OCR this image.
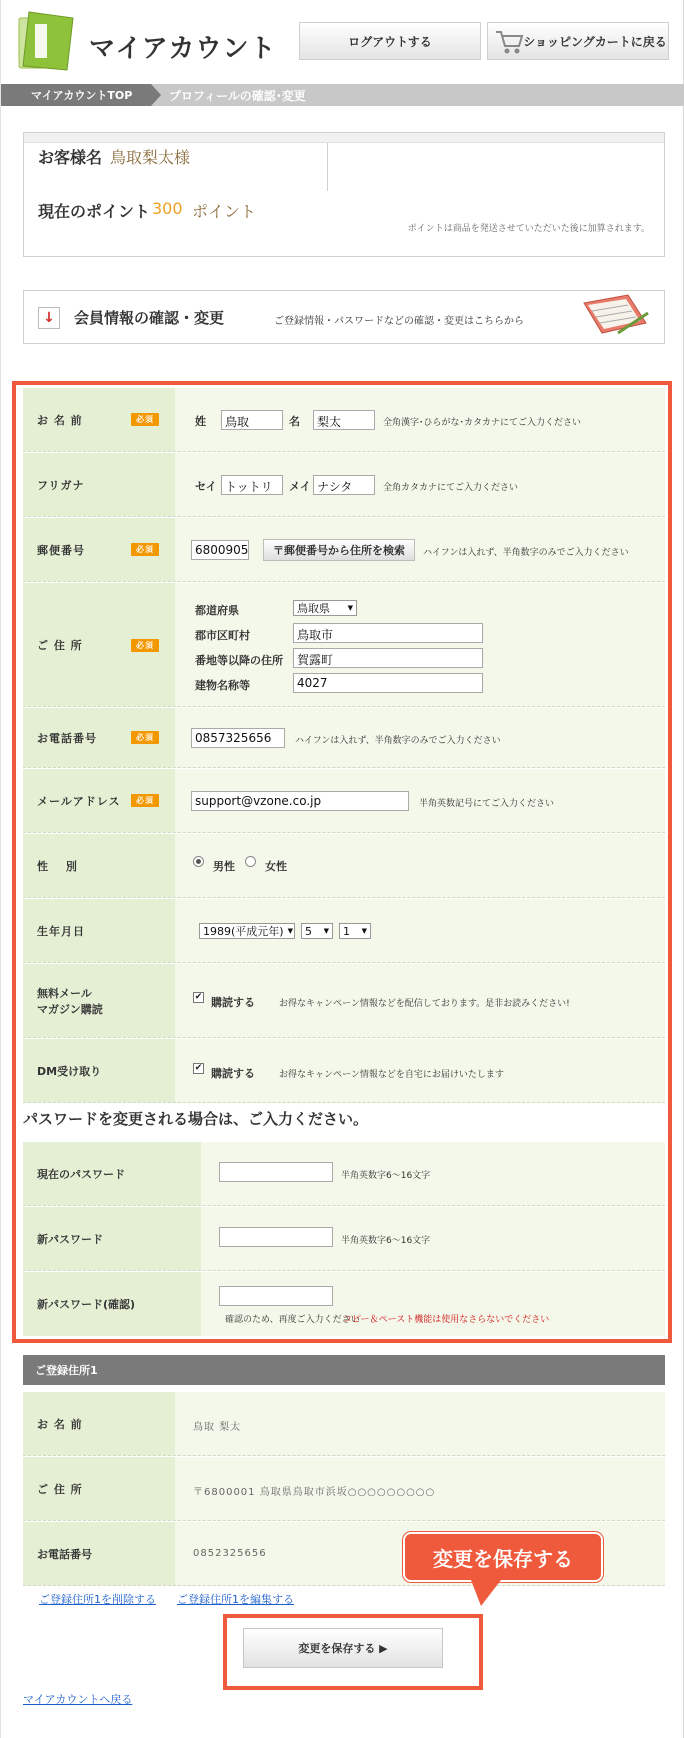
マイアカウント	ログアウトする	ショッピングカートに戻る
マイアカウントTOP	プロフィールの確認･変更
お客様名 鳥取梨太様
現在のポイント 300 ポイント
ポイントは商品を発送させていただいた後に加算されます。
↓	会員情報の確認・変更	ご登録情報・パスワードなどの確認・変更はこちらから
お 名 前	必須	姓	鳥取	名	梨太	全角漢字･ひらがな･カタカナにてご入力ください
フリガナ	セイ トットリ	メイ ナシタ	全角カタカナにてご入力ください
郵便番号	必須	6800905	〒郵便番号から住所を検索	ハイフンは入れず、半角数字のみでご入力ください
ご 住 所	必須
都道府県	鳥取県	▼
郡市区町村	鳥取市
番地等以降の住所	賀露町
建物名称等	4027
お電話番号	必須	0857325656	ハイフンは入れず、半角数字のみでご入力ください
メールアドレス	必須	support@vzone.co.jp	半角英数記号にてご入力ください
性　 別	男性	女性
生年月日	1989(平成元年) ▼ 5 ▼ 1 ▼
無料メール
マガジン購読
✔ 購読する	お得なキャンペーン情報などを配信しております。是非お読みください!
DM受け取り	✔ 購読する	お得なキャンペーン情報などを自宅にお届けいたします
パスワードを変更される場合は、ご入力ください。
現在のパスワード	半角英数字6～16文字
新パスワード	半角英数字6～16文字
新パスワード(確認)
確認のため、再度ご入力ください
コピー＆ペースト機能は使用なさらないでください
ご登録住所1
お 名 前	鳥取 梨太
ご 住 所	〒6800001 鳥取県鳥取市浜坂○○○○○○○○○
お電話番号	0852325656
ご登録住所1を削除する ご登録住所1を編集する
変更を保存する
変更を保存する ▶
マイアカウントへ戻る
